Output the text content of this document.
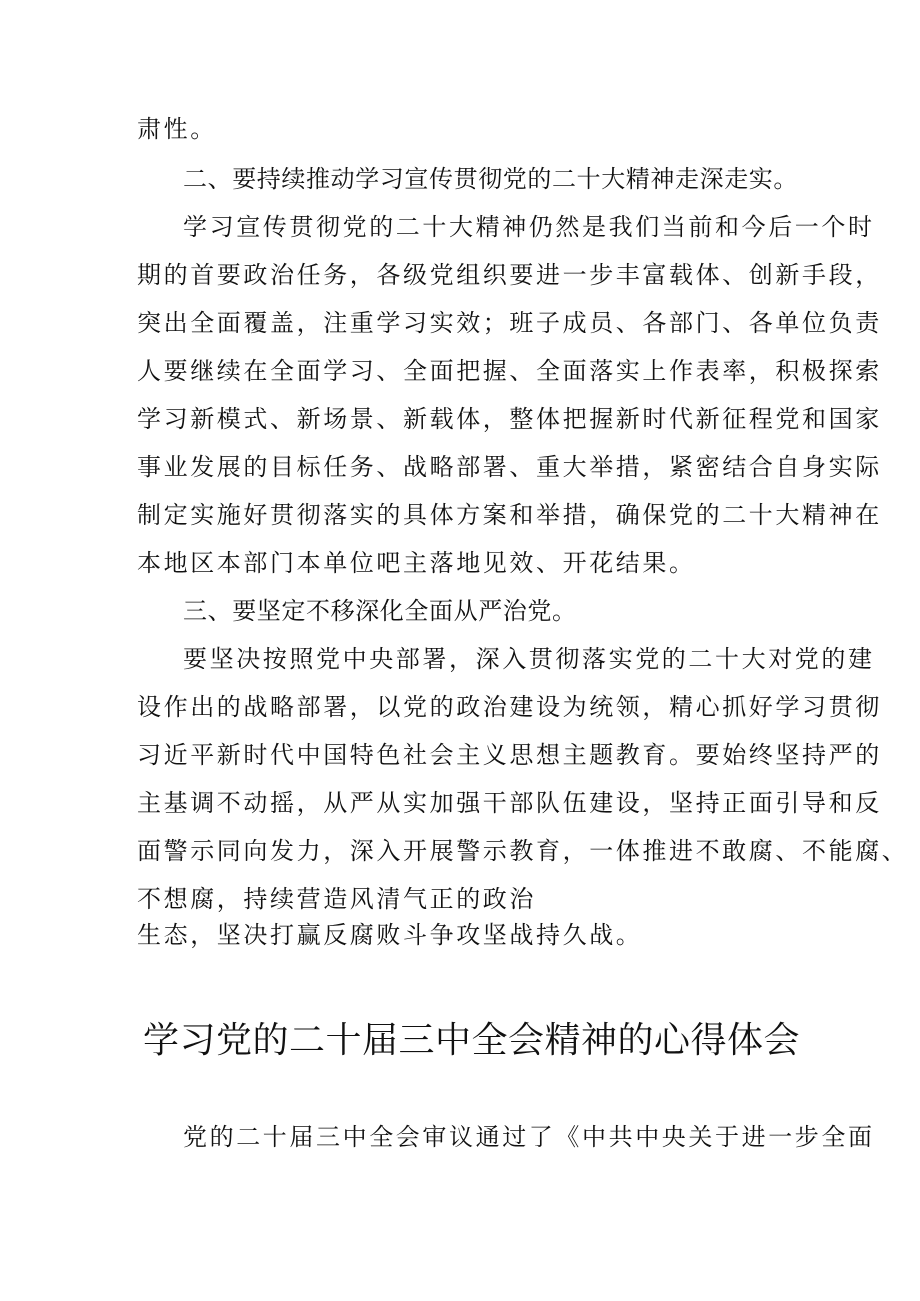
肃性。
二、要持续推动学习宣传贯彻党的二十大精神走深走实。
学习宣传贯彻党的二十大精神仍然是我们当前和今后一个时
期的首要政治任务，各级党组织要进一步丰富载体、创新手段，
突出全面覆盖，注重学习实效；班子成员、各部门、各单位负责
人要继续在全面学习、全面把握、全面落实上作表率，积极探索
学习新模式、新场景、新载体，整体把握新时代新征程党和国家
事业发展的目标任务、战略部署、重大举措，紧密结合自身实际
制定实施好贯彻落实的具体方案和举措，确保党的二十大精神在
本地区本部门本单位吧主落地见效、开花结果。
三、要坚定不移深化全面从严治党。
要坚决按照党中央部署，深入贯彻落实党的二十大对党的建
设作出的战略部署，以党的政治建设为统领，精心抓好学习贯彻
习近平新时代中国特色社会主义思想主题教育。要始终坚持严的
主基调不动摇，从严从实加强干部队伍建设，坚持正面引导和反
面警示同向发力，深入开展警示教育，一体推进不敢腐、不能腐、
不想腐，持续营造风清气正的政治
生态，坚决打赢反腐败斗争攻坚战持久战。
学习党的二十届三中全会精神的心得体会
党的二十届三中全会审议通过了《中共中央关于进一步全面
